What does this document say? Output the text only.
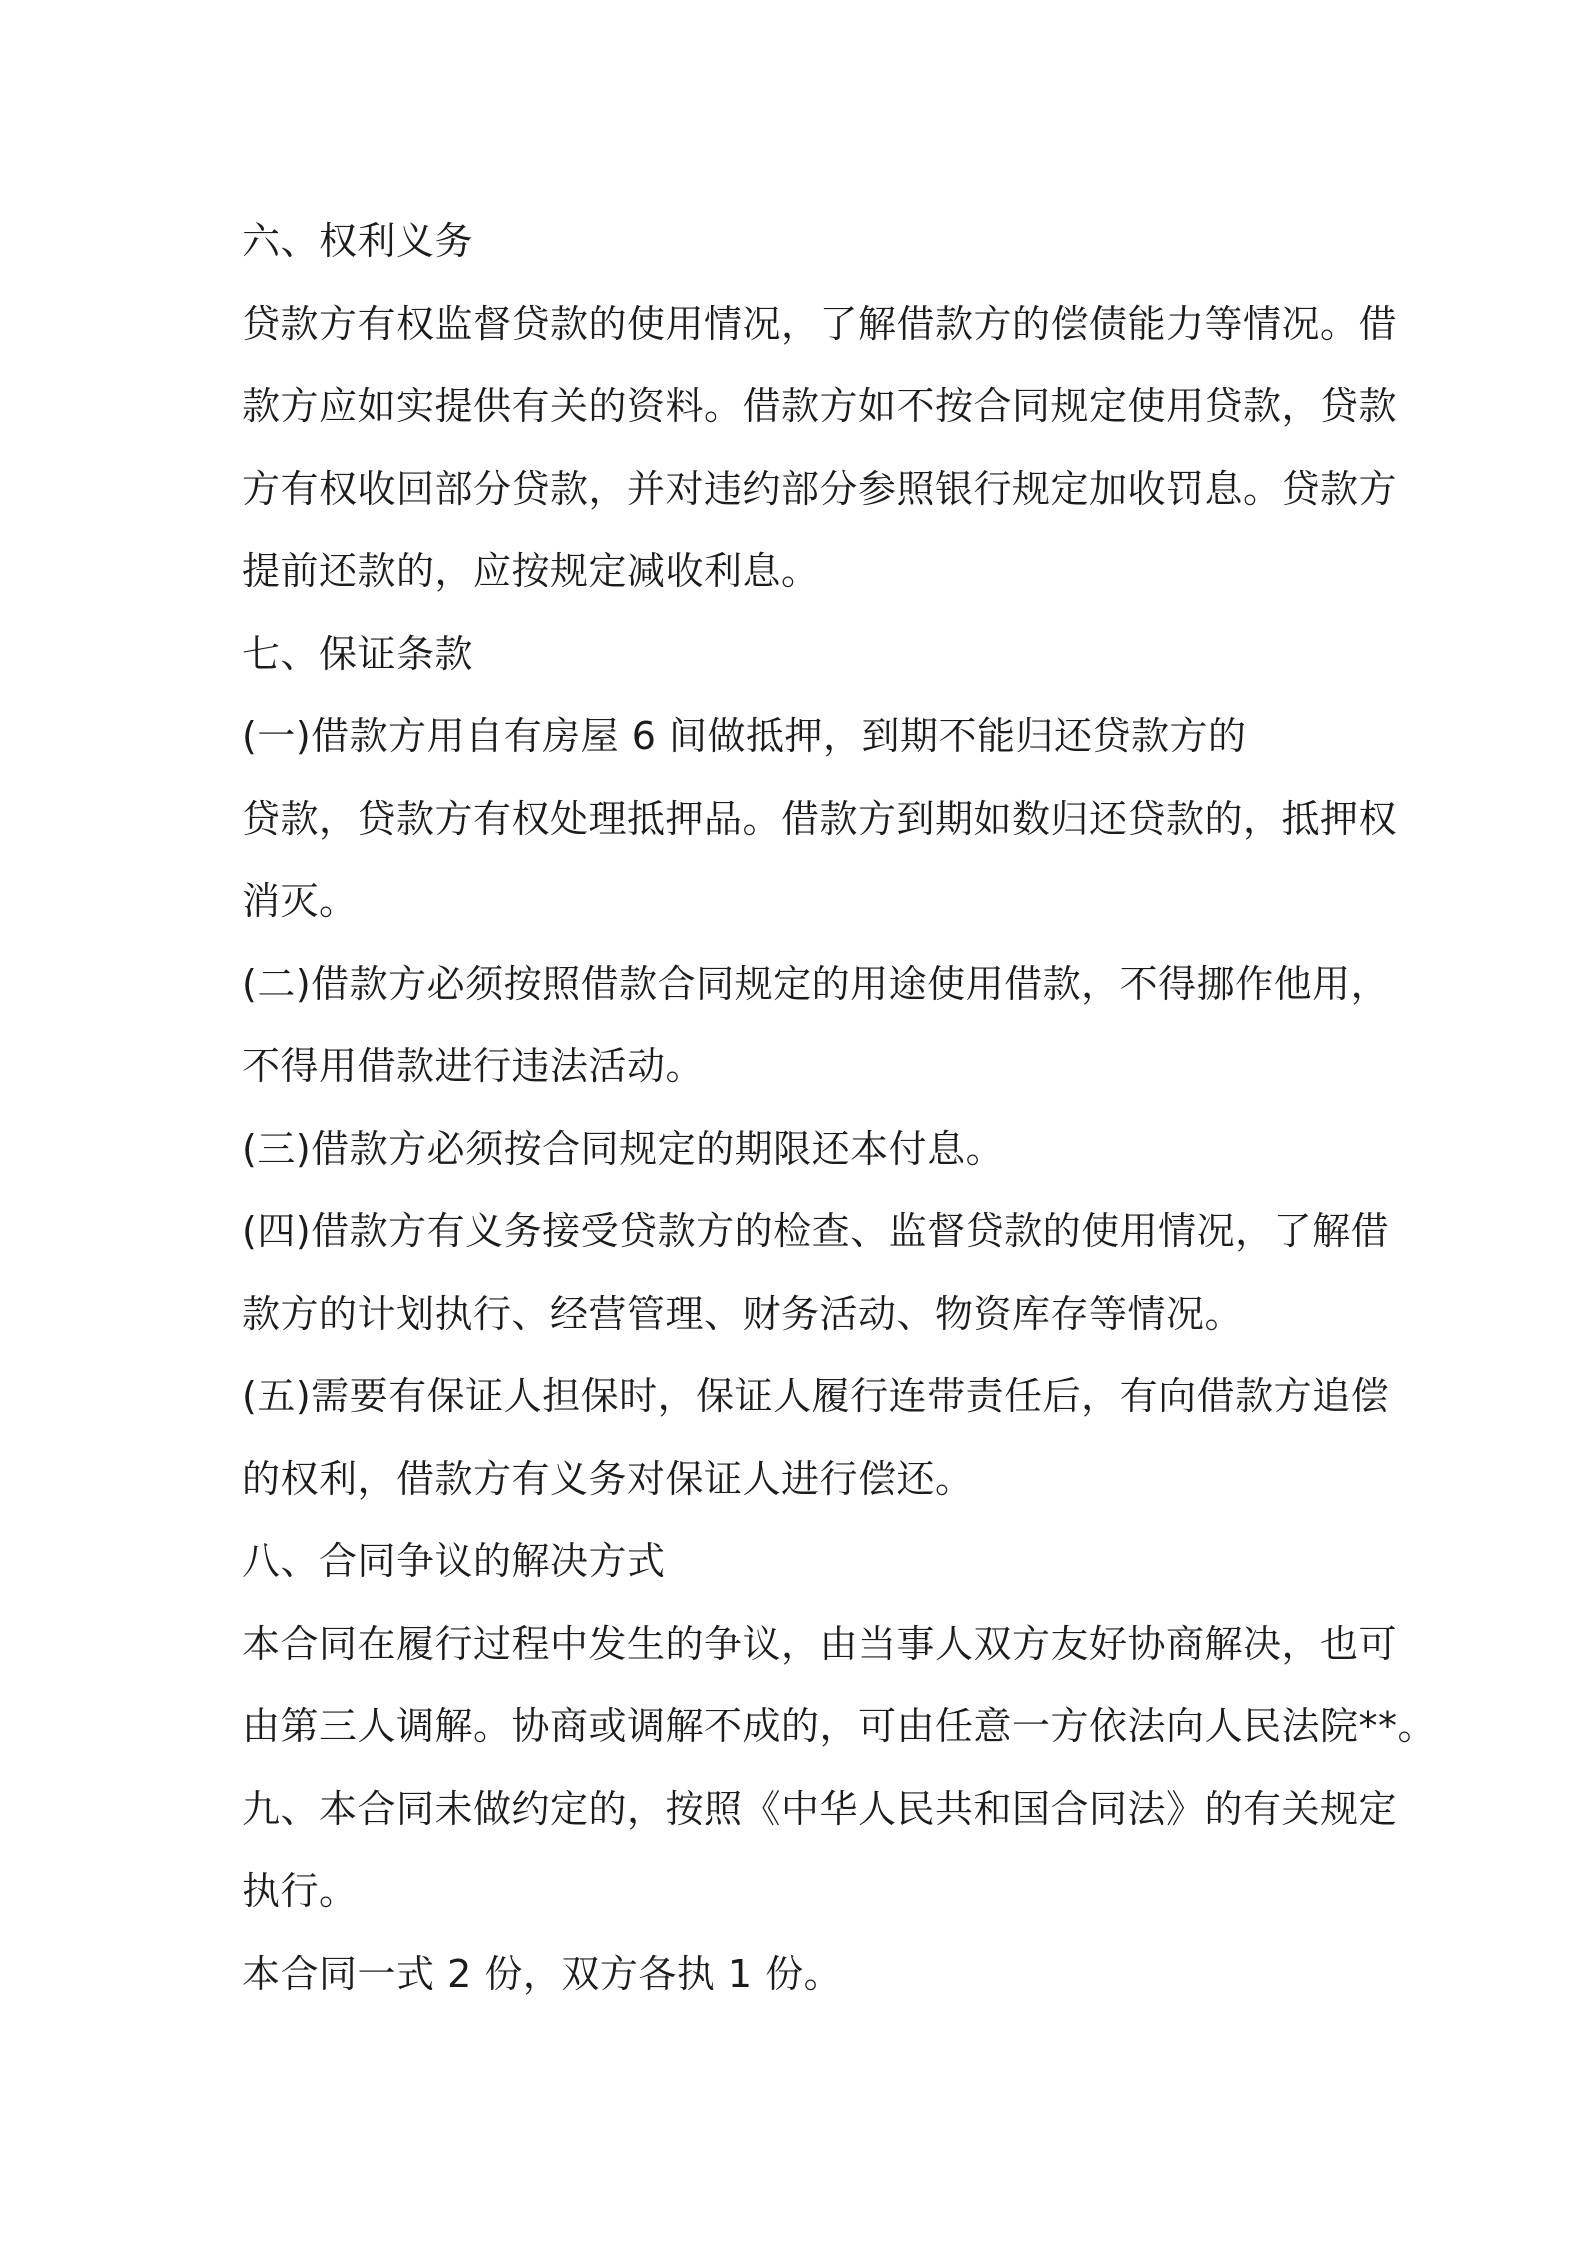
六、权利义务
贷款方有权监督贷款的使用情况，了解借款方的偿债能力等情况。借
款方应如实提供有关的资料。借款方如不按合同规定使用贷款，贷款
方有权收回部分贷款，并对违约部分参照银行规定加收罚息。贷款方
提前还款的，应按规定减收利息。
七、保证条款
(一)借款方用自有房屋 6 间做抵押，到期不能归还贷款方的
贷款，贷款方有权处理抵押品。借款方到期如数归还贷款的，抵押权
消灭。
(二)借款方必须按照借款合同规定的用途使用借款，不得挪作他用，
不得用借款进行违法活动。
(三)借款方必须按合同规定的期限还本付息。
(四)借款方有义务接受贷款方的检查、监督贷款的使用情况，了解借
款方的计划执行、经营管理、财务活动、物资库存等情况。
(五)需要有保证人担保时，保证人履行连带责任后，有向借款方追偿
的权利，借款方有义务对保证人进行偿还。
八、合同争议的解决方式
本合同在履行过程中发生的争议，由当事人双方友好协商解决，也可
由第三人调解。协商或调解不成的，可由任意一方依法向人民法院**。
九、本合同未做约定的，按照《中华人民共和国合同法》的有关规定
执行。
本合同一式 2 份，双方各执 1 份。
